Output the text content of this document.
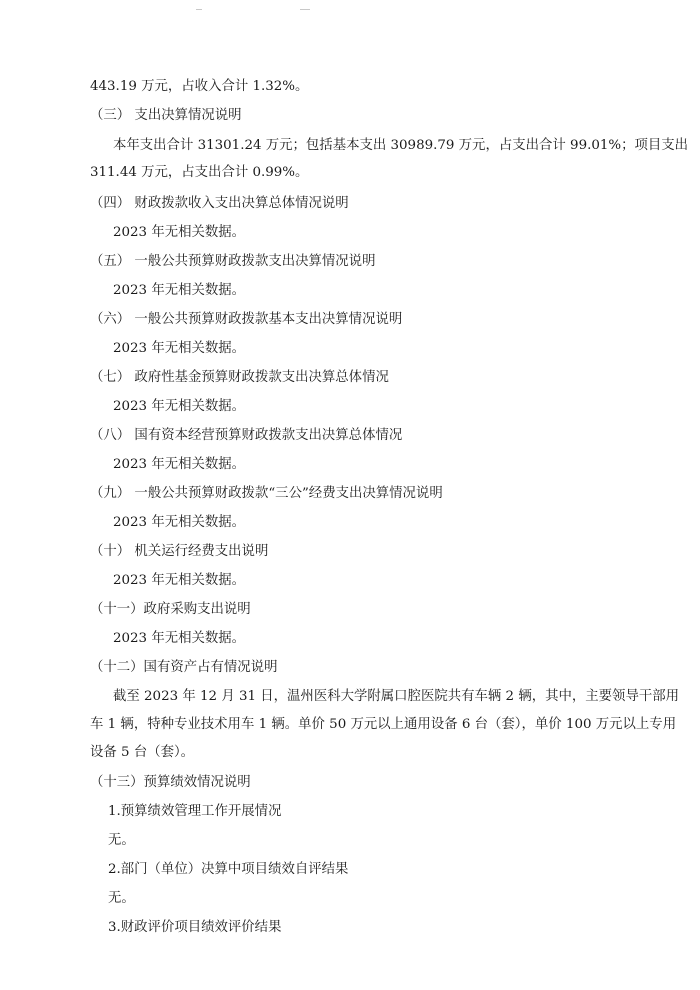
443.19 万元，占收入合计 1.32%。
（三） 支出决算情况说明
本年支出合计 31301.24 万元；包括基本支出 30989.79 万元，占支出合计 99.01%；项目支出
311.44 万元，占支出合计 0.99%。
（四） 财政拨款收入支出决算总体情况说明
2023 年无相关数据。
（五） 一般公共预算财政拨款支出决算情况说明
2023 年无相关数据。
（六） 一般公共预算财政拨款基本支出决算情况说明
2023 年无相关数据。
（七） 政府性基金预算财政拨款支出决算总体情况
2023 年无相关数据。
（八） 国有资本经营预算财政拨款支出决算总体情况
2023 年无相关数据。
（九） 一般公共预算财政拨款“三公”经费支出决算情况说明
2023 年无相关数据。
（十） 机关运行经费支出说明
2023 年无相关数据。
（十一）政府采购支出说明
2023 年无相关数据。
（十二）国有资产占有情况说明
截至 2023 年 12 月 31 日，温州医科大学附属口腔医院共有车辆 2 辆，其中，主要领导干部用
车 1 辆，特种专业技术用车 1 辆。单价 50 万元以上通用设备 6 台（套），单价 100 万元以上专用
设备 5 台（套）。
（十三）预算绩效情况说明
1.预算绩效管理工作开展情况
无。
2.部门（单位）决算中项目绩效自评结果
无。
3.财政评价项目绩效评价结果
